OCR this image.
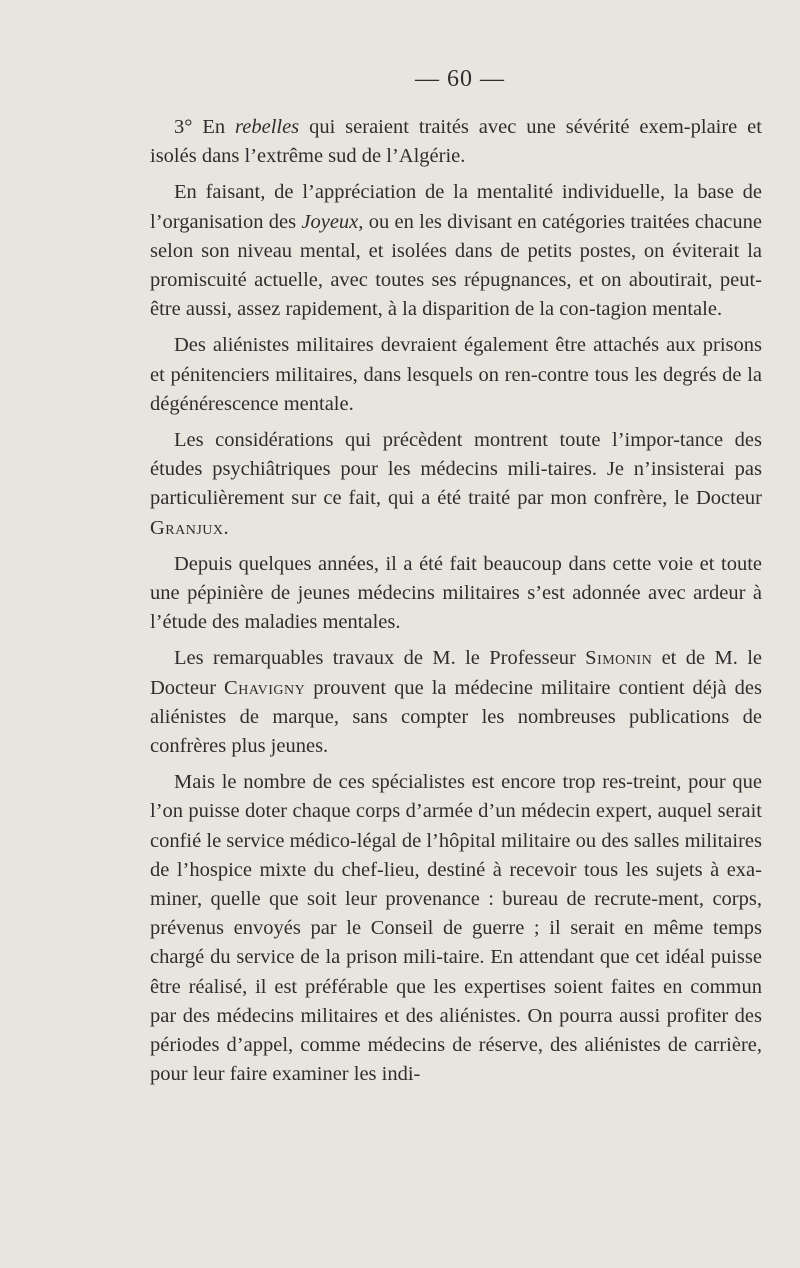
— 60 —

3° En rebelles qui seraient traités avec une sévérité exem-plaire et isolés dans l’extrême sud de l’Algérie.

En faisant, de l’appréciation de la mentalité individuelle, la base de l’organisation des Joyeux, ou en les divisant en catégories traitées chacune selon son niveau mental, et isolées dans de petits postes, on éviterait la promiscuité actuelle, avec toutes ses répugnances, et on aboutirait, peut-être aussi, assez rapidement, à la disparition de la con-tagion mentale.

Des aliénistes militaires devraient également être attachés aux prisons et pénitenciers militaires, dans lesquels on ren-contre tous les degrés de la dégénérescence mentale.

Les considérations qui précèdent montrent toute l’impor-tance des études psychiâtriques pour les médecins mili-taires. Je n’insisterai pas particulièrement sur ce fait, qui a été traité par mon confrère, le Docteur Granjux.

Depuis quelques années, il a été fait beaucoup dans cette voie et toute une pépinière de jeunes médecins militaires s’est adonnée avec ardeur à l’étude des maladies mentales.

Les remarquables travaux de M. le Professeur Simonin et de M. le Docteur Chavigny prouvent que la médecine militaire contient déjà des aliénistes de marque, sans compter les nombreuses publications de confrères plus jeunes.

Mais le nombre de ces spécialistes est encore trop res-treint, pour que l’on puisse doter chaque corps d’armée d’un médecin expert, auquel serait confié le service médico-légal de l’hôpital militaire ou des salles militaires de l’hospice mixte du chef-lieu, destiné à recevoir tous les sujets à exa-miner, quelle que soit leur provenance : bureau de recrute-ment, corps, prévenus envoyés par le Conseil de guerre ; il serait en même temps chargé du service de la prison mili-taire. En attendant que cet idéal puisse être réalisé, il est préférable que les expertises soient faites en commun par des médecins militaires et des aliénistes. On pourra aussi profiter des périodes d’appel, comme médecins de réserve, des aliénistes de carrière, pour leur faire examiner les indi-
